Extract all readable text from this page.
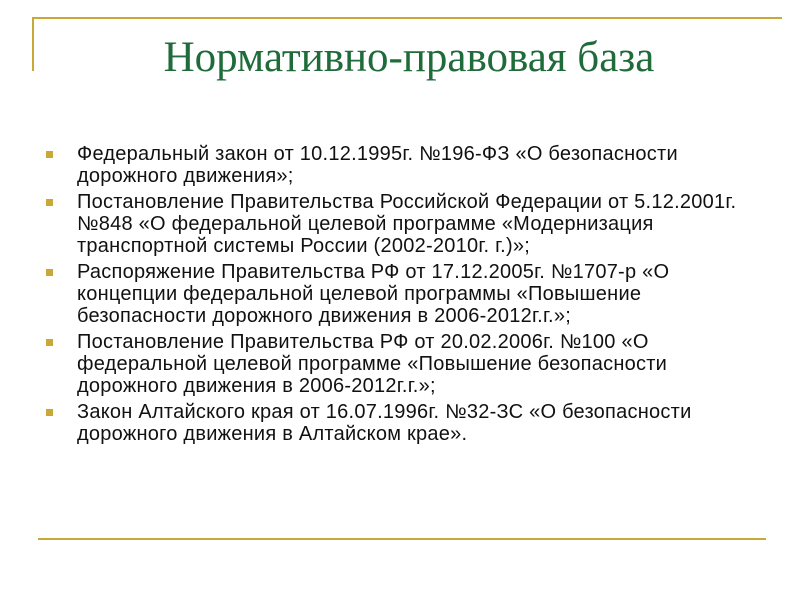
Нормативно-правовая база
Федеральный закон от 10.12.1995г. №196-ФЗ «О безопасности дорожного движения»;
Постановление Правительства Российской Федерации от 5.12.2001г. №848 «О федеральной целевой программе «Модернизация транспортной системы России (2002-2010г. г.)»;
Распоряжение Правительства РФ от 17.12.2005г. №1707-р «О концепции федеральной целевой программы «Повышение безопасности дорожного движения в 2006-2012г.г.»;
Постановление Правительства РФ от 20.02.2006г. №100 «О федеральной целевой программе «Повышение безопасности дорожного движения в 2006-2012г.г.»;
Закон Алтайского края от 16.07.1996г. №32-ЗС «О безопасности дорожного движения в Алтайском крае».
